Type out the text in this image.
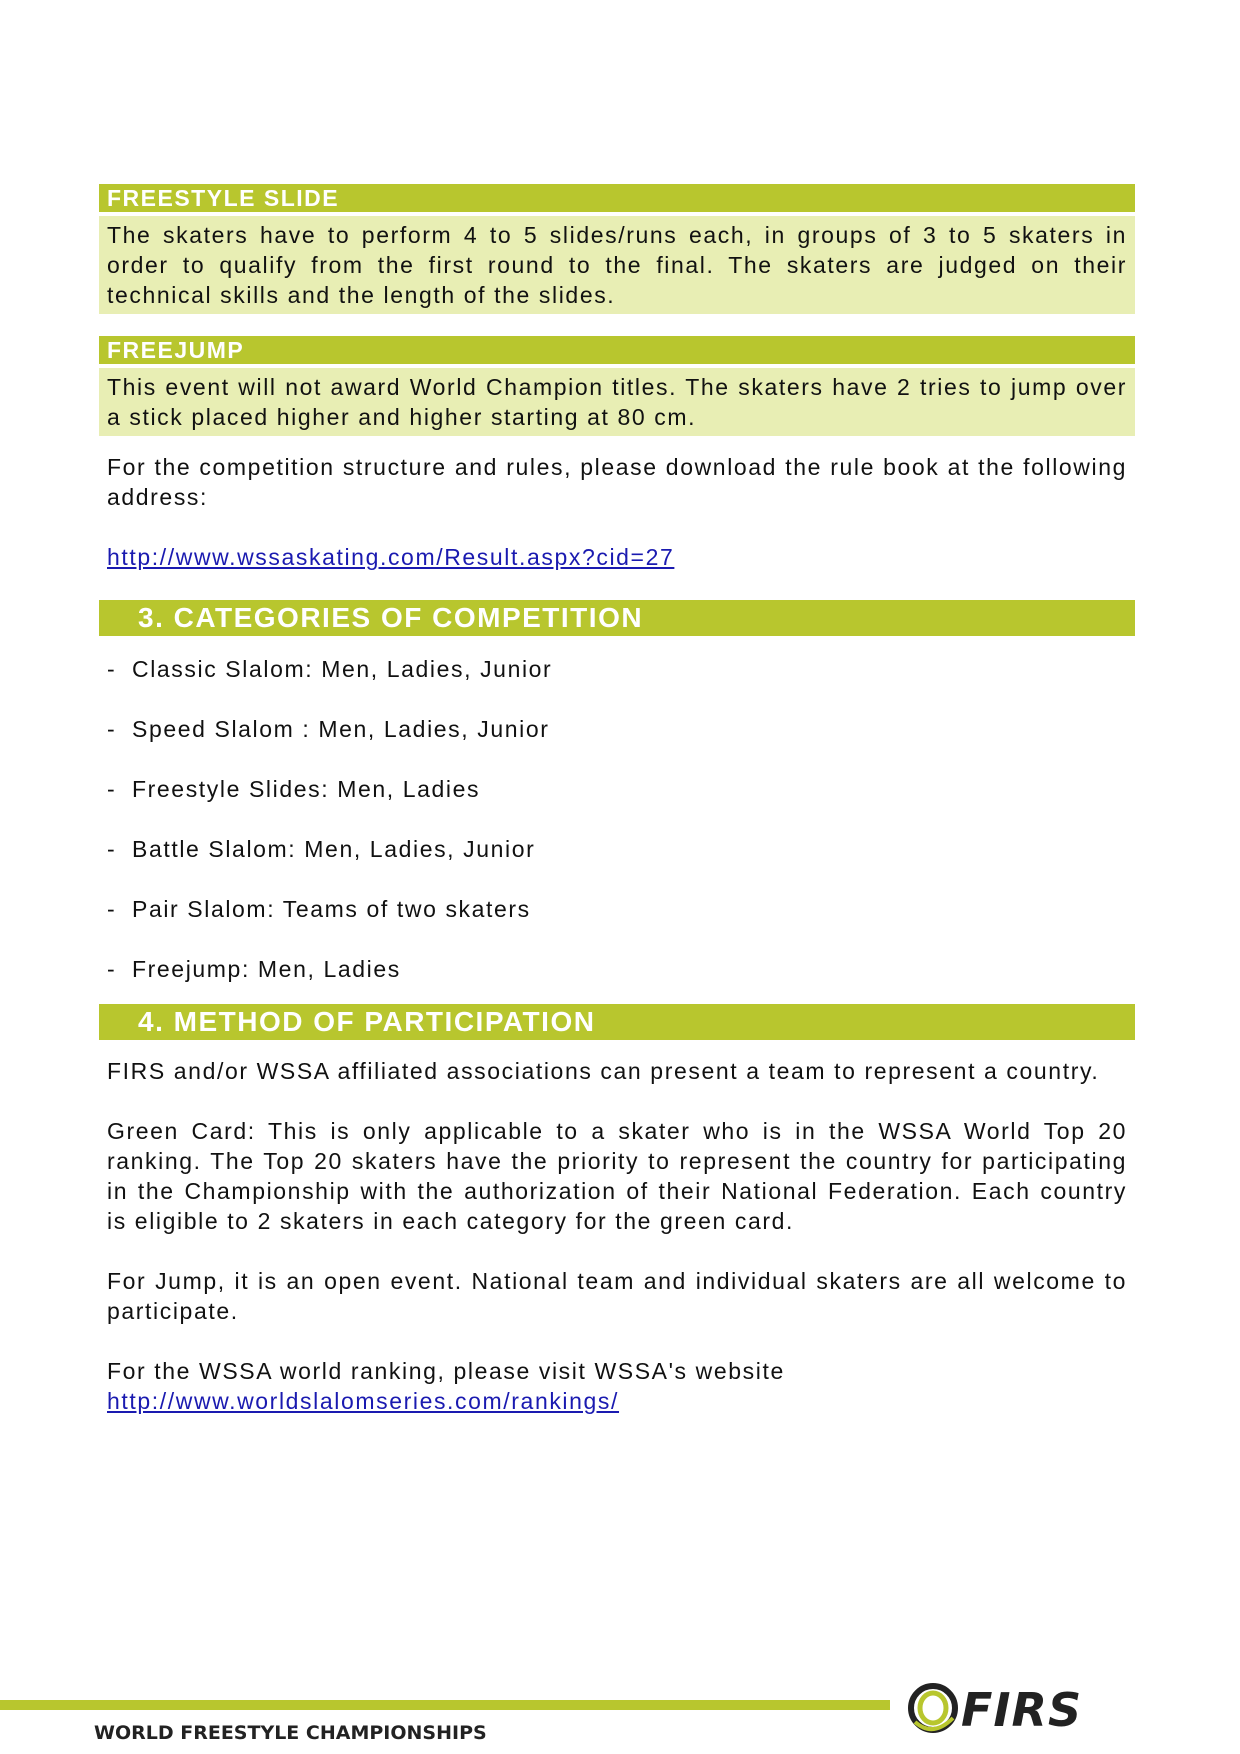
FREESTYLE SLIDE
The skaters have to perform 4 to 5 slides/runs each, in groups of 3 to 5 skaters in order to qualify from the first round to the final. The skaters are judged on their technical skills and the length of the slides.
FREEJUMP
This event will not award World Champion titles. The skaters have 2 tries to jump over a stick placed higher and higher starting at 80 cm.

For the competition structure and rules, please download the rule book at the following address:

http://www.wssaskating.com/Result.aspx?cid=27

3. CATEGORIES OF COMPETITION
- Classic Slalom: Men, Ladies, Junior
- Speed Slalom : Men, Ladies, Junior
- Freestyle Slides: Men, Ladies
- Battle Slalom: Men, Ladies, Junior
- Pair Slalom: Teams of two skaters
- Freejump: Men, Ladies
4. METHOD OF PARTICIPATION

FIRS and/or WSSA affiliated associations can present a team to represent a country.

Green Card: This is only applicable to a skater who is in the WSSA World Top 20 ranking. The Top 20 skaters have the priority to represent the country for participating in the Championship with the authorization of their National Federation. Each country is eligible to 2 skaters in each category for the green card.

For Jump, it is an open event. National team and individual skaters are all welcome to participate.

For the WSSA world ranking, please visit WSSA's website

http://www.worldslalomseries.com/rankings/

WORLD FREESTYLE CHAMPIONSHIPS	FIRS
